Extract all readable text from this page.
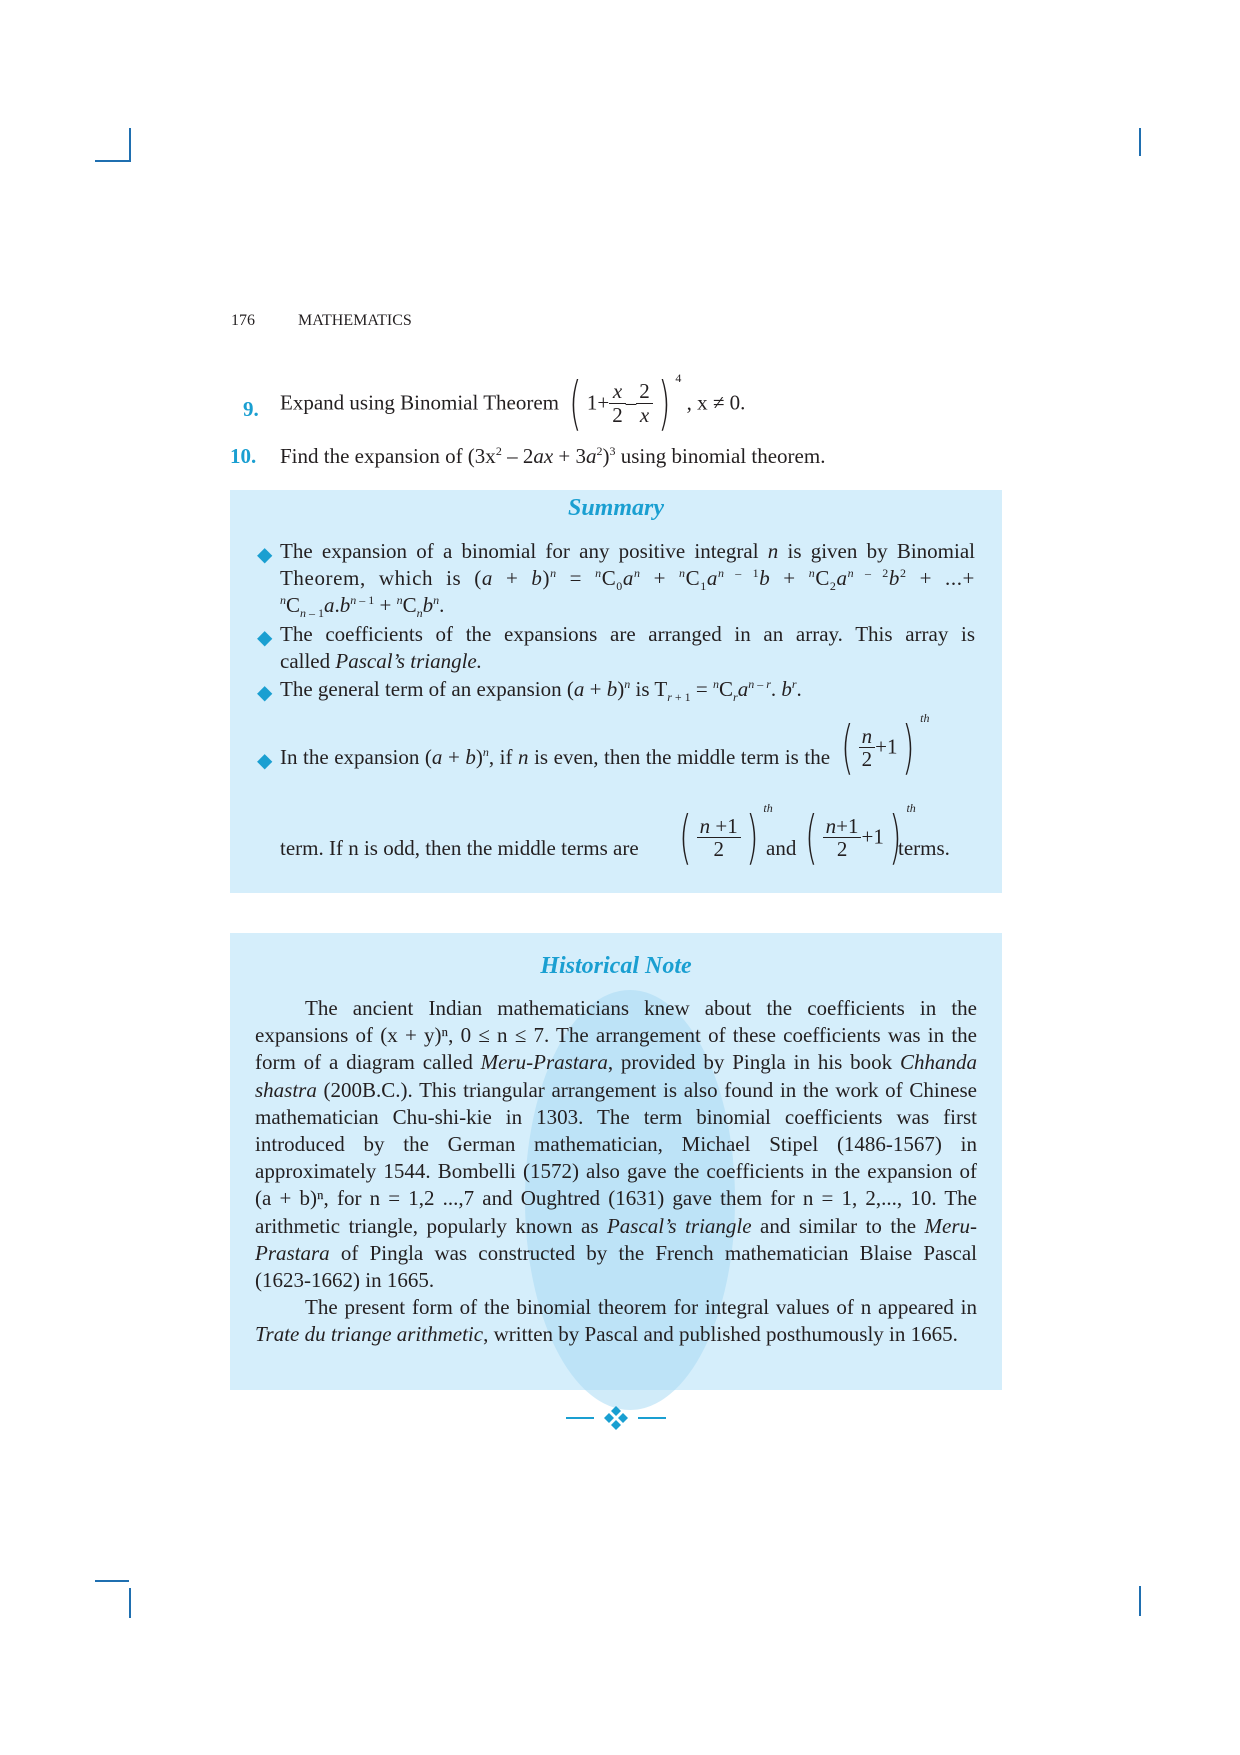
176	MATHEMATICS
9. Expand using Binomial Theorem ( $1+ \frac{x}{2} - \frac{2}{x}$ ) $^4$ , x ≠ 0.
10. Find the expansion of $(3x^2 - 2ax + 3a^2)^3$ using binomial theorem.
Summary
◆ The expansion of a binomial for any positive integral n is given by Binomial
Theorem, which is $(a + b)^n = ^nC_0a^n + ^nC_1a^{n - 1}b + ^nC_2a^{n - 2}b^2$ + ...+
$^nC_{n - 1}a.b^{n - 1} + ^nC_nb^n$.
◆ The coefficients of the expansions are arranged in an array. This array is
called Pascal’s triangle.
◆ The general term of an expansion $(a + b)^n$ is $T_{r + 1} = ^nC_ra^{n - r}$. $b^r$.
◆ In the expansion $(a + b)^n$, if n is even, then the middle term is the ( $\frac{n}{2} +1$) $^{th}$
term. If n is odd, then the middle terms are ( $\frac{n +1}{2}$ ) $^{th}$
and ( $\frac{n+1}{2} +1$) $^{th}$
terms.
Historical Note

The ancient Indian mathematicians knew about the coefficients in the expansions of (x + y)ⁿ, 0 ≤ n ≤ 7. The arrangement of these coefficients was in the form of a diagram called Meru-Prastara, provided by Pingla in his book Chhanda shastra (200B.C.). This triangular arrangement is also found in the work of Chinese mathematician Chu-shi-kie in 1303. The term binomial coefficients was first introduced by the German mathematician, Michael Stipel (1486-1567) in approximately 1544. Bombelli (1572) also gave the coefficients in the expansion of (a + b)ⁿ, for n = 1,2 ...,7 and Oughtred (1631) gave them for n = 1, 2,..., 10. The arithmetic triangle, popularly known as Pascal’s triangle and similar to the Meru-Prastara of Pingla was constructed by the French mathematician Blaise Pascal (1623-1662) in 1665.

The present form of the binomial theorem for integral values of n appeared in Trate du triange arithmetic, written by Pascal and published posthumously in 1665.
